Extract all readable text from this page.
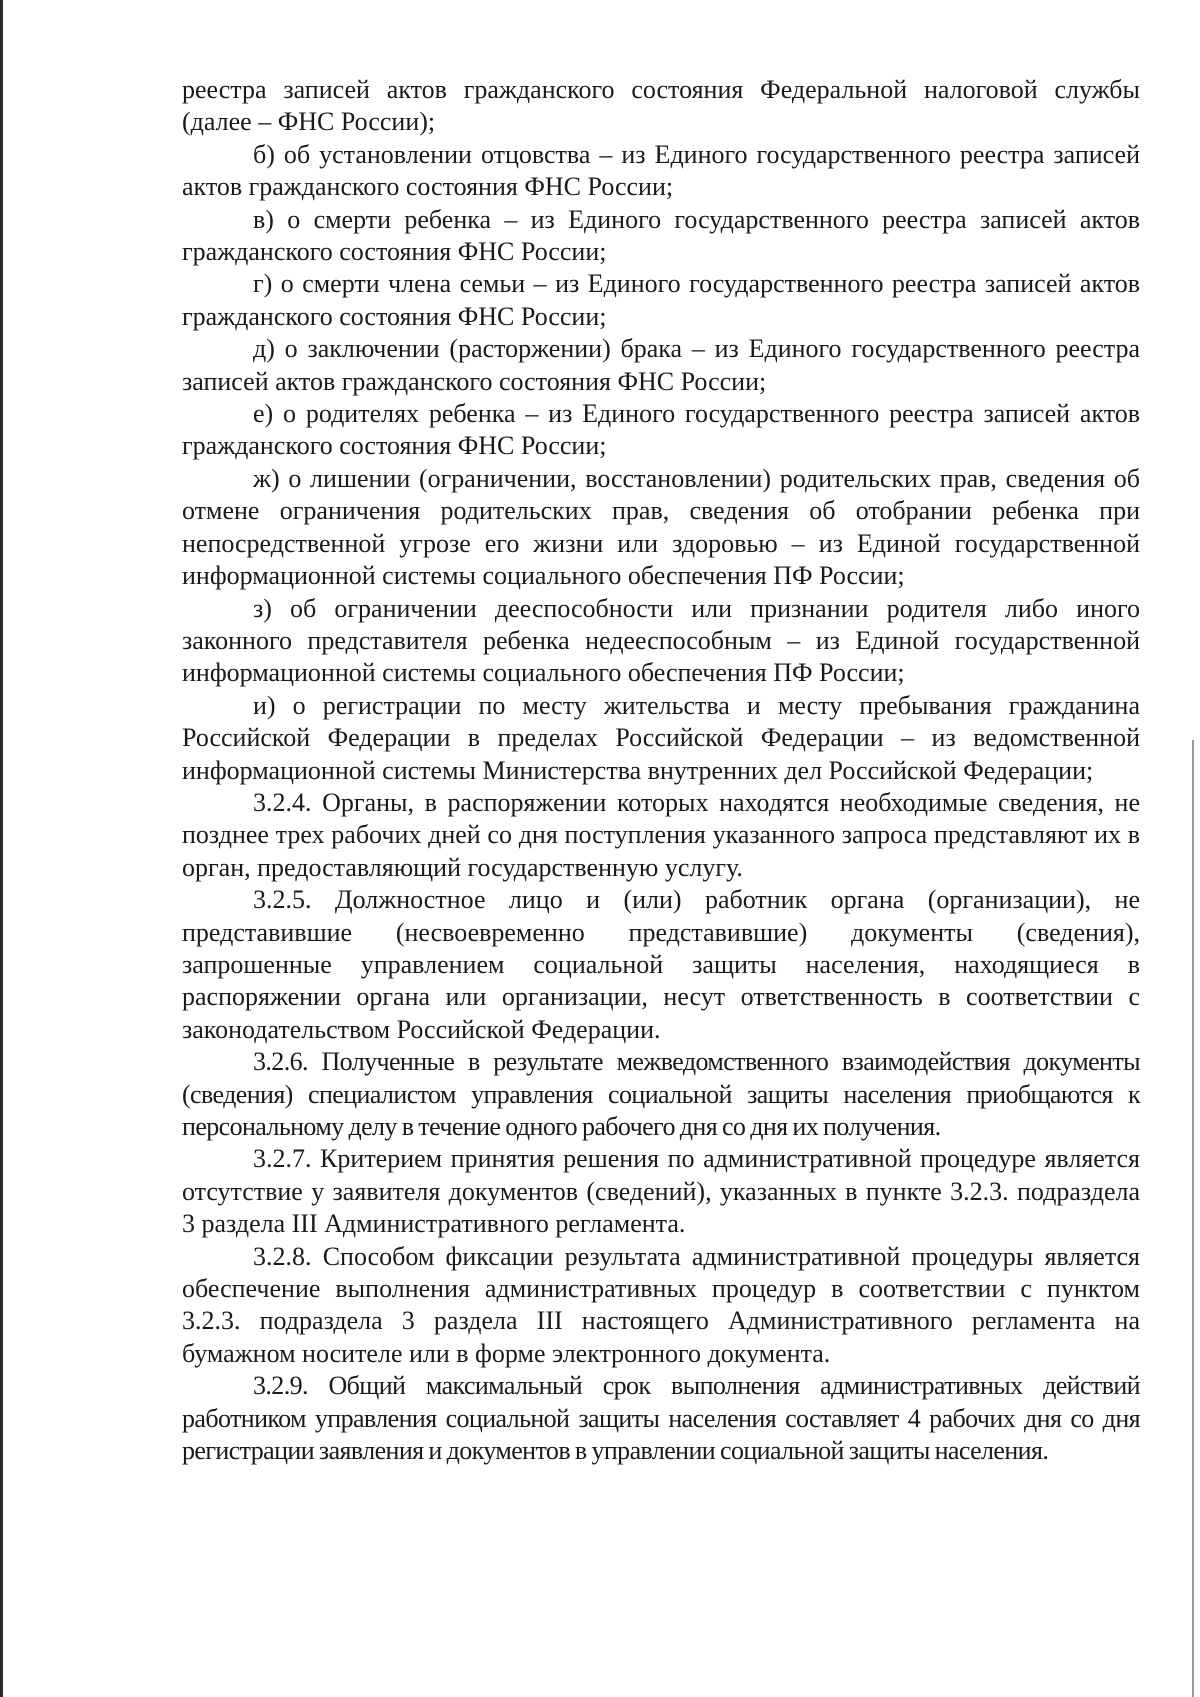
реестра записей актов гражданского состояния Федеральной налоговой службы (далее – ФНС России);

б) об установлении отцовства – из Единого государственного реестра записей актов гражданского состояния ФНС России;

в) о смерти ребенка – из Единого государственного реестра записей актов гражданского состояния ФНС России;

г) о смерти члена семьи – из Единого государственного реестра записей актов гражданского состояния ФНС России;

д) о заключении (расторжении) брака – из Единого государственного реестра записей актов гражданского состояния ФНС России;

е) о родителях ребенка – из Единого государственного реестра записей актов гражданского состояния ФНС России;

ж) о лишении (ограничении, восстановлении) родительских прав, сведения об отмене ограничения родительских прав, сведения об отобрании ребенка при непосредственной угрозе его жизни или здоровью – из Единой государственной информационной системы социального обеспечения ПФ России;

з) об ограничении дееспособности или признании родителя либо иного законного представителя ребенка недееспособным – из Единой государственной информационной системы социального обеспечения ПФ России;

и) о регистрации по месту жительства и месту пребывания гражданина Российской Федерации в пределах Российской Федерации – из ведомственной информационной системы Министерства внутренних дел Российской Федерации;

3.2.4. Органы, в распоряжении которых находятся необходимые сведения, не позднее трех рабочих дней со дня поступления указанного запроса представляют их в орган, предоставляющий государственную услугу.

3.2.5. Должностное лицо и (или) работник органа (организации), не представившие (несвоевременно представившие) документы (сведения), запрошенные управлением социальной защиты населения, находящиеся в распоряжении органа или организации, несут ответственность в соответствии с законодательством Российской Федерации.

3.2.6. Полученные в результате межведомственного взаимодействия документы (сведения) специалистом управления социальной защиты населения приобщаются к персональному делу в течение одного рабочего дня со дня их получения.

3.2.7. Критерием принятия решения по административной процедуре является отсутствие у заявителя документов (сведений), указанных в пункте 3.2.3. подраздела 3 раздела III Административного регламента.

3.2.8. Способом фиксации результата административной процедуры является обеспечение выполнения административных процедур в соответствии с пунктом 3.2.3. подраздела 3 раздела III настоящего Административного регламента на бумажном носителе или в форме электронного документа.

3.2.9. Общий максимальный срок выполнения административных действий работником управления социальной защиты населения составляет 4 рабочих дня со дня регистрации заявления и документов в управлении социальной защиты населения.
